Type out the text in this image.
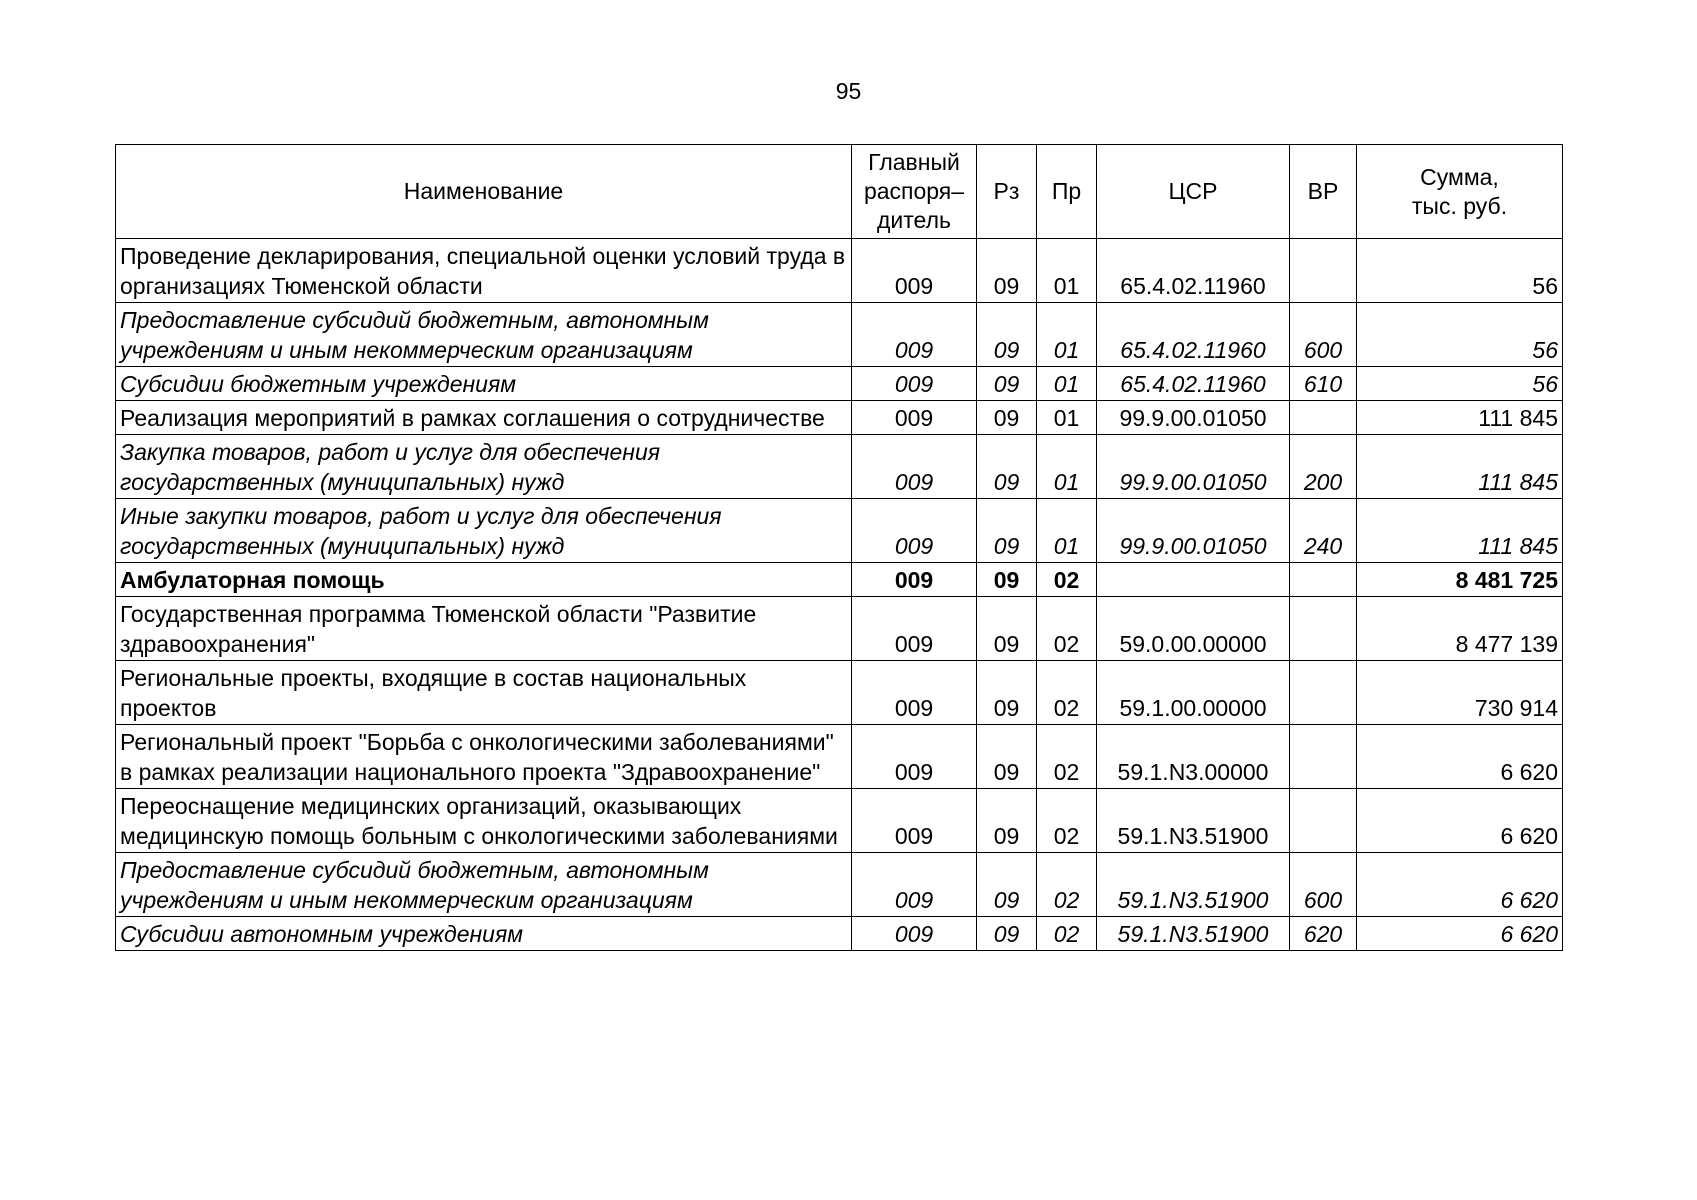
95
Наименование	Главный
распоря–
дитель	Рз	Пр	ЦСР	ВР	Сумма,
тыс. руб.

Проведение декларирования, специальной оценки условий труда в организациях Тюменской области	009	09	01	65.4.02.11960		56
Предоставление субсидий бюджетным, автономным учреждениям и иным некоммерческим организациям	009	09	01	65.4.02.11960	600	56
Субсидии бюджетным учреждениям	009	09	01	65.4.02.11960	610	56
Реализация мероприятий в рамках соглашения о сотрудничестве	009	09	01	99.9.00.01050		111 845
Закупка товаров, работ и услуг для обеспечения государственных (муниципальных) нужд	009	09	01	99.9.00.01050	200	111 845
Иные закупки товаров, работ и услуг для обеспечения государственных (муниципальных) нужд	009	09	01	99.9.00.01050	240	111 845
Амбулаторная помощь	009	09	02			8 481 725
Государственная программа Тюменской области "Развитие здравоохранения"	009	09	02	59.0.00.00000		8 477 139
Региональные проекты, входящие в состав национальных проектов	009	09	02	59.1.00.00000		730 914
Региональный проект "Борьба с онкологическими заболеваниями" в рамках реализации национального проекта "Здравоохранение"	009	09	02	59.1.N3.00000		6 620
Переоснащение медицинских организаций, оказывающих медицинскую помощь больным с онкологическими заболеваниями	009	09	02	59.1.N3.51900		6 620
Предоставление субсидий бюджетным, автономным учреждениям и иным некоммерческим организациям	009	09	02	59.1.N3.51900	600	6 620
Субсидии автономным учреждениям	009	09	02	59.1.N3.51900	620	6 620
